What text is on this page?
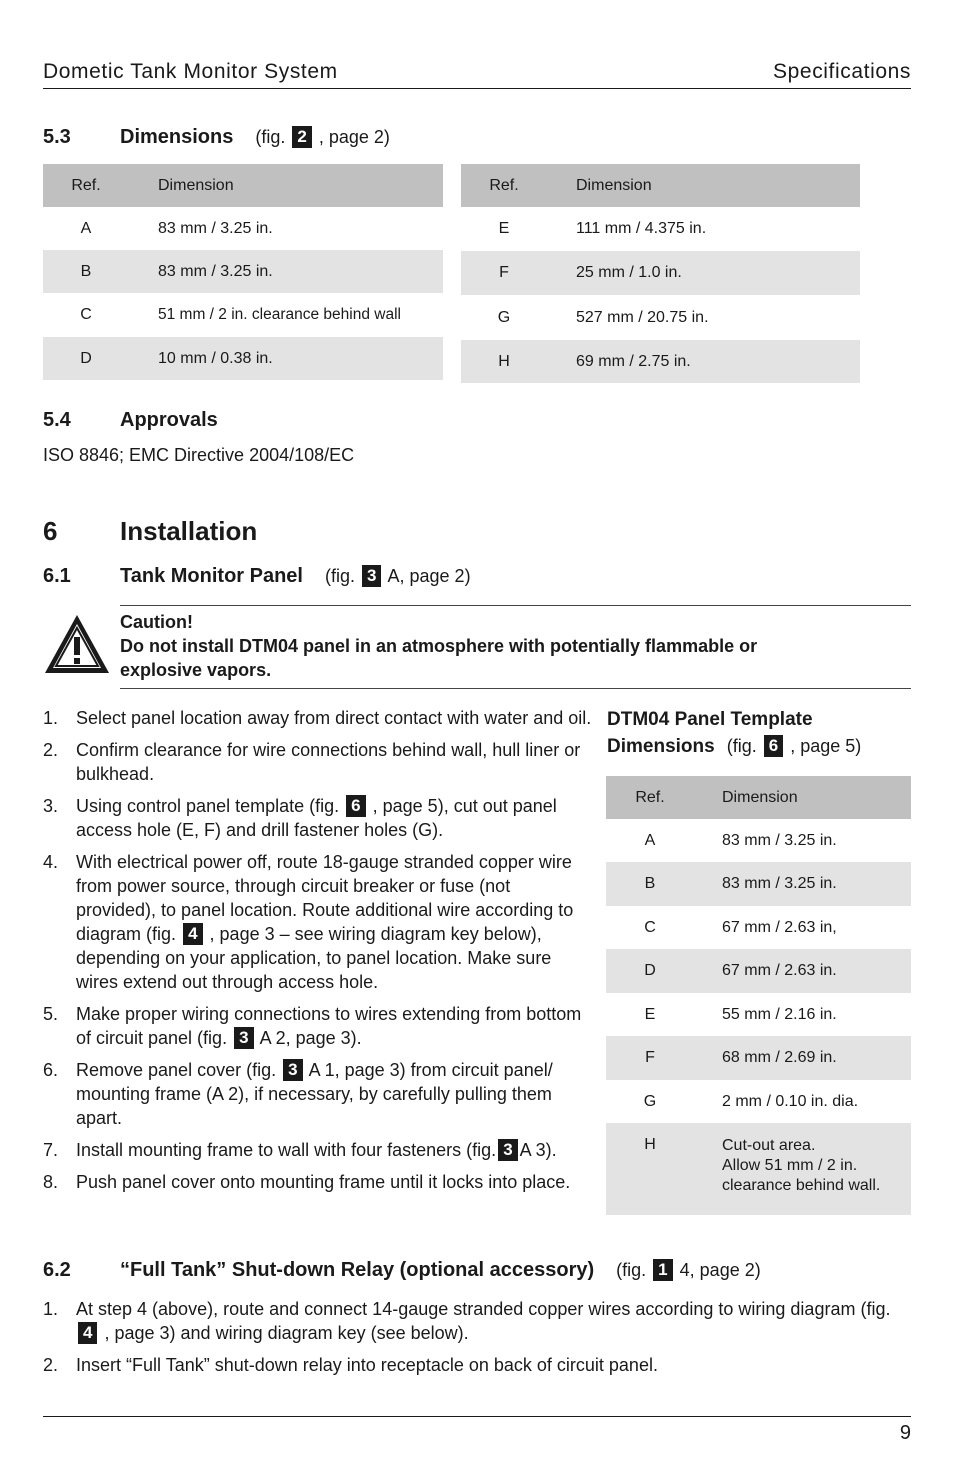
Dometic Tank Monitor System	Specifications
5.3 Dimensions (fig. 2 , page 2)
Ref.	Dimension
A	83 mm / 3.25 in.
B	83 mm / 3.25 in.
C	51 mm / 2 in. clearance behind wall
D	10 mm / 0.38 in.
Ref.	Dimension
E	111 mm / 4.375 in.
F	25 mm / 1.0 in.
G	527 mm / 20.75 in.
H	69 mm / 2.75 in.
5.4 Approvals
ISO 8846; EMC Directive 2004/108/EC
6 Installation
6.1 Tank Monitor Panel (fig. 3 A, page 2)
Caution!
Do not install DTM04 panel in an atmosphere with potentially flammable or
explosive vapors.
1. Select panel location away from direct contact with water and oil.
2. Confirm clearance for wire connections behind wall, hull liner or bulkhead.
3. Using control panel template (fig. 6 , page 5), cut out panel access hole (E, F) and drill fastener holes (G).
4. With electrical power off, route 18-gauge stranded copper wire from power source, through circuit breaker or fuse (not provided), to panel location. Route additional wire according to diagram (fig. 4 , page 3 – see wiring diagram key below), depending on your application, to panel location. Make sure wires extend out through access hole.
5. Make proper wiring connections to wires extending from bottom of circuit panel (fig. 3 A 2, page 3).
6. Remove panel cover (fig. 3 A 1, page 3) from circuit panel/ mounting frame (A 2), if necessary, by carefully pulling them apart.
7. Install mounting frame to wall with four fasteners (fig. 3 A 3).
8. Push panel cover onto mounting frame until it locks into place.
DTM04 Panel Template
Dimensions (fig. 6 , page 5)
Ref.	Dimension
A	83 mm / 3.25 in.
B	83 mm / 3.25 in.
C	67 mm / 2.63 in,
D	67 mm / 2.63 in.
E	55 mm / 2.16 in.
F	68 mm / 2.69 in.
G	2 mm / 0.10 in. dia.
H	Cut-out area.
Allow 51 mm / 2 in.
clearance behind wall.
6.2 “Full Tank” Shut-down Relay (optional accessory) (fig. 1 4, page 2)
1. At step 4 (above), route and connect 14-gauge stranded copper wires according to wiring diagram (fig. 4 , page 3) and wiring diagram key (see below).
2. Insert “Full Tank” shut-down relay into receptacle on back of circuit panel.
9
